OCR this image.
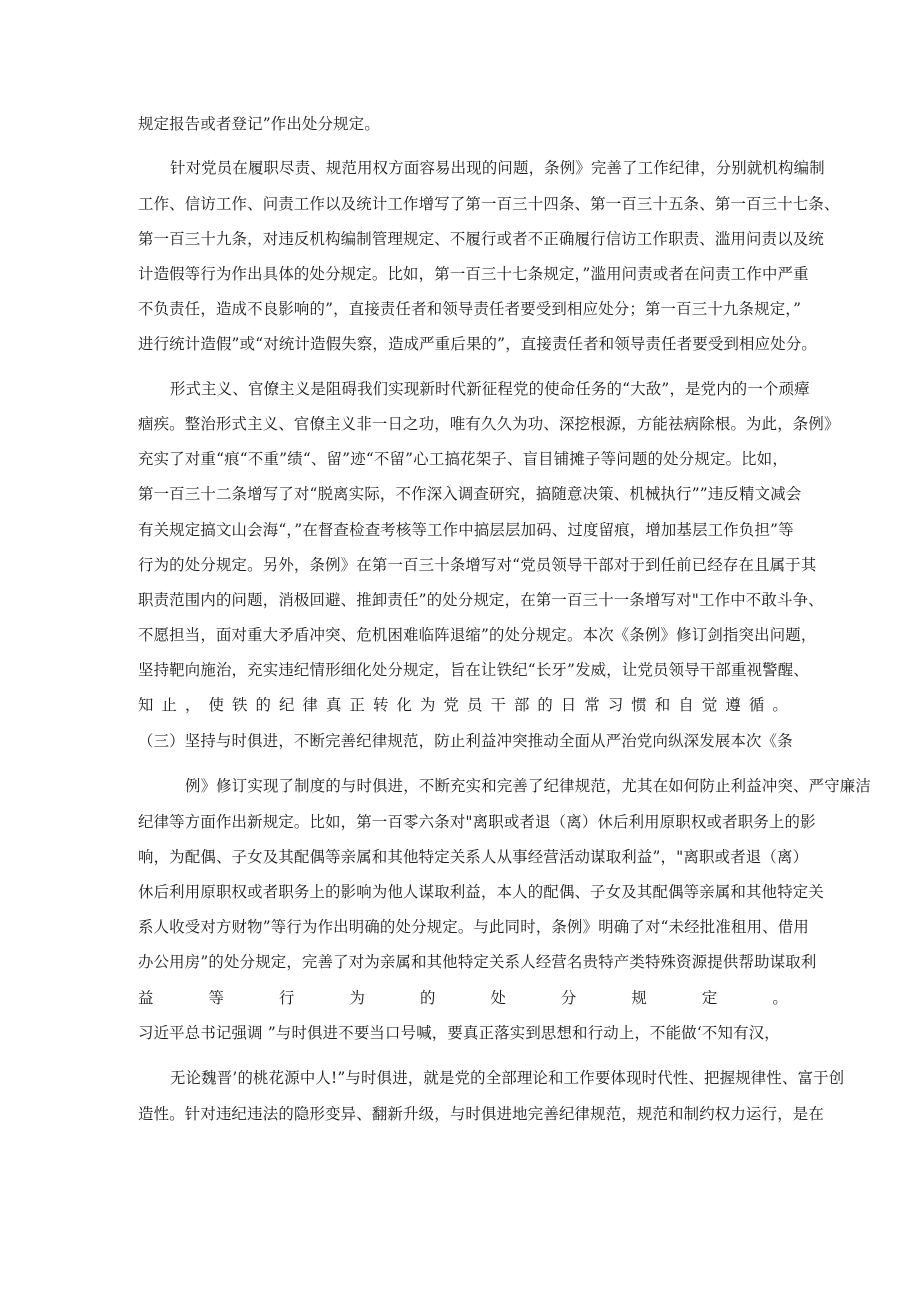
规定报告或者登记”作出处分规定。
针对党员在履职尽责、规范用权方面容易出现的问题，条例》完善了工作纪律，分别就机构编制
工作、信访工作、问责工作以及统计工作增写了第一百三十四条、第一百三十五条、第一百三十七条、
第一百三十九条，对违反机构编制管理规定、不履行或者不正确履行信访工作职责、滥用问责以及统
计造假等行为作出具体的处分规定。比如，第一百三十七条规定，”滥用问责或者在问责工作中严重
不负责任，造成不良影响的”，直接责任者和领导责任者要受到相应处分；第一百三十九条规定，”
进行统计造假”或“对统计造假失察，造成严重后果的”，直接责任者和领导责任者要受到相应处分。
形式主义、官僚主义是阻碍我们实现新时代新征程党的使命任务的“大敌”，是党内的一个顽瘴
痼疾。整治形式主义、官僚主义非一日之功，唯有久久为功、深挖根源，方能祛病除根。为此，条例》
充实了对重“痕“不重”绩“、留”迹“不留”心工搞花架子、盲目铺摊子等问题的处分规定。比如，
第一百三十二条增写了对“脱离实际，不作深入调查研究，搞随意决策、机械执行””违反精文减会
有关规定搞文山会海“，”在督查检查考核等工作中搞层层加码、过度留痕，增加基层工作负担”等
行为的处分规定。另外，条例》在第一百三十条增写对“党员领导干部对于到任前已经存在且属于其
职责范围内的问题，消极回避、推卸责任”的处分规定，在第一百三十一条增写对"工作中不敢斗争、
不愿担当，面对重大矛盾冲突、危机困难临阵退缩”的处分规定。本次《条例》修订剑指突出问题，
坚持靶向施治，充实违纪情形细化处分规定，旨在让铁纪“长牙”发威，让党员领导干部重视警醒、
知止，使铁的纪律真正转化为党员干部的日常习惯和自觉遵循。
（三）坚持与时俱进，不断完善纪律规范，防止利益冲突推动全面从严治党向纵深发展本次《条
例》修订实现了制度的与时俱进，不断充实和完善了纪律规范，尤其在如何防止利益冲突、严守廉洁
纪律等方面作出新规定。比如，第一百零六条对"离职或者退（离）休后利用原职权或者职务上的影
响，为配偶、子女及其配偶等亲属和其他特定关系人从事经营活动谋取利益”，"离职或者退（离）
休后利用原职权或者职务上的影响为他人谋取利益，本人的配偶、子女及其配偶等亲属和其他特定关
系人收受对方财物”等行为作出明确的处分规定。与此同时，条例》明确了对“未经批准租用、借用
办公用房”的处分规定，完善了对为亲属和其他特定关系人经营名贵特产类特殊资源提供帮助谋取利
益等行为的处分规定。
习近平总书记强调 ”与时俱进不要当口号喊，要真正落实到思想和行动上，不能做‘不知有汉，
无论魏晋’的桃花源中人!”与时俱进，就是党的全部理论和工作要体现时代性、把握规律性、富于创
造性。针对违纪违法的隐形变异、翻新升级，与时俱进地完善纪律规范，规范和制约权力运行，是在
